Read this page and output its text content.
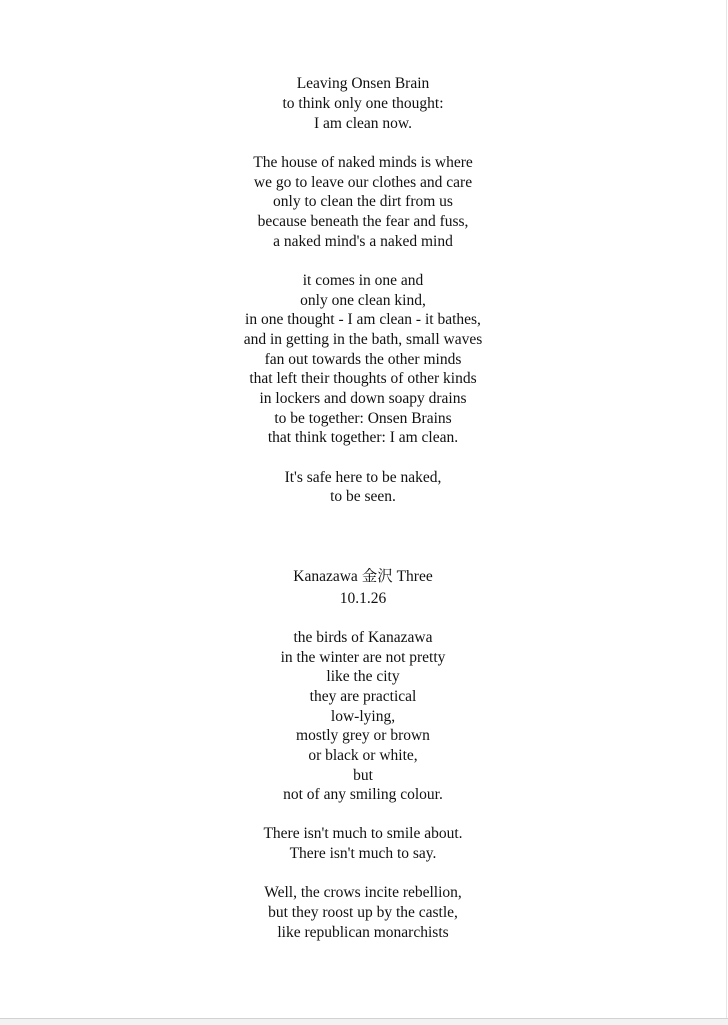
Leaving Onsen Brain
to think only one thought:
I am clean now.
The house of naked minds is where
we go to leave our clothes and care
only to clean the dirt from us
because beneath the fear and fuss,
a naked mind's a naked mind
it comes in one and
only one clean kind,
in one thought - I am clean - it bathes,
and in getting in the bath, small waves
fan out towards the other minds
that left their thoughts of other kinds
in lockers and down soapy drains
to be together: Onsen Brains
that think together: I am clean.
It's safe here to be naked,
to be seen.
Kanazawa 金沢 Three
10.1.26
the birds of Kanazawa
in the winter are not pretty
like the city
they are practical
low-lying,
mostly grey or brown
or black or white,
but
not of any smiling colour.
There isn't much to smile about.
There isn't much to say.
Well, the crows incite rebellion,
but they roost up by the castle,
like republican monarchists
